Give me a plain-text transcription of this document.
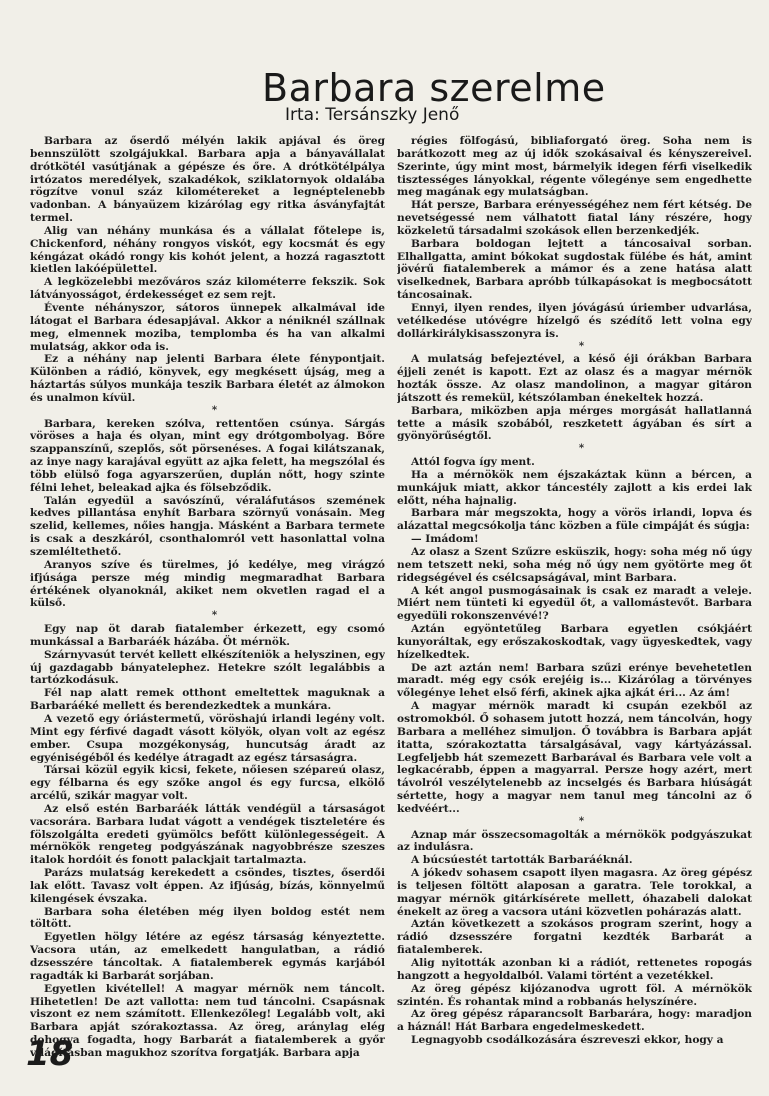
Barbara szerelme
Irta: Tersánszky Jenő

Barbara az őserdő mélyén lakik apjával és öreg bennszülött szolgájukkal. Barbara apja a bányavállalat drótkötél vasútjának a gépésze és őre. A drótkötélpálya irtózatos meredélyek, szakadékok, sziklatornyok oldalába rögzítve vonul száz kilométereket a legnéptelenebb vadonban. A bányaüzem kizárólag egy ritka ásványfajtát termel.

Alig van néhány munkása és a vállalat főtelepe is, Chickenford, néhány rongyos viskót, egy kocsmát és egy kéngázat okádó rongy kis kohót jelent, a hozzá ragasztott kietlen lakóépülettel.

A legközelebbi mezőváros száz kilométerre fekszik. Sok látványosságot, érdekességet ez sem rejt.

Évente néhányszor, sátoros ünnepek alkalmával ide látogat el Barbara édesapjával. Akkor a néniknél szállnak meg, elmennek moziba, templomba és ha van alkalmi mulatság, akkor oda is.

Ez a néhány nap jelenti Barbara élete fénypontjait. Különben a rádió, könyvek, egy megkésett újság, meg a háztartás súlyos munkája teszik Barbara életét az álmokon és unalmon kívül.

*

Barbara, kereken szólva, rettentően csúnya. Sárgás vöröses a haja és olyan, mint egy drótgombolyag. Bőre szappanszínű, szeplős, sőt pörsenéses. A fogai kilátszanak, az inye nagy karajával együtt az ajka felett, ha megszólal és több elülső foga agyarszerűen, duplán nőtt, hogy szinte félni lehet, beleakad ajka és fölsebződik.

Talán egyedül a savószínű, véraláfutásos szemének kedves pillantása enyhít Barbara szörnyű vonásain. Meg szelid, kellemes, nőies hangja. Másként a Barbara termete is csak a deszkáról, csonthalomról vett hasonlattal volna szemléltethető.

Aranyos szíve és türelmes, jó kedélye, meg virágzó ifjúsága persze még mindig megmaradhat Barbara értékének olyanoknál, akiket nem okvetlen ragad el a külső.

*

Egy nap öt darab fiatalember érkezett, egy csomó munkással a Barbaráék házába. Öt mérnök.

Szárnyvasút tervét kellett elkészíteniök a helyszinen, egy új gazdagabb bányatelephez. Hetekre szólt legalábbis a tartózkodásuk.

Fél nap alatt remek otthont emeltettek maguknak a Barbaráéké mellett és berendezkedtek a munkára.

A vezető egy óriástermetű, vöröshajú irlandi legény volt. Mint egy férfivé dagadt vásott kölyök, olyan volt az egész ember. Csupa mozgékonyság, huncutság áradt az egyéniségéből és kedélye átragadt az egész társaságra.

Társai közül egyik kicsi, fekete, nőiesen szépareú olasz, egy félbarna és egy szőke angol és egy furcsa, elkölő arcélű, szikár magyar volt.

Az első estén Barbaráék látták vendégül a társaságot vacsorára. Barbara ludat vágott a vendégek tiszteletére és fölszolgálta eredeti gyümölcs befőtt különlegességeit. A mérnökök rengeteg podgyászának nagyobbrésze szeszes italok hordóit és fonott palackjait tartalmazta.

Parázs mulatság kerekedett a csöndes, tisztes, őserdői lak előtt. Tavasz volt éppen. Az ifjúság, bízás, könnyelmű kilengések évszaka.

Barbara soha életében még ilyen boldog estét nem töltött.

Egyetlen hölgy létére az egész társaság kényeztette. Vacsora után, az emelkedett hangulatban, a rádió dzsesszére táncoltak. A fiatalemberek egymás karjából ragadták ki Barbarát sorjában.

Egyetlen kivétellel! A magyar mérnök nem táncolt. Hihetetlen! De azt vallotta: nem tud táncolni. Csapásnak viszont ez nem számított. Ellenkezőleg! Legalább volt, aki Barbara apját szórakoztassa. Az öreg, aránylag elég dohogva fogadta, hogy Barbarát a fiatalemberek a győr világításban magukhoz szorítva forgatják. Barbara apja

régies fölfogású, bibliaforgató öreg. Soha nem is barátkozott meg az új idők szokásaival és kényszereivel. Szerinte, úgy mint most, bármelyik idegen férfi viselkedik tisztességes lányokkal, régente vőlegénye sem engedhette meg magának egy mulatságban.

Hát persze, Barbara erényességéhez nem fért kétség. De nevetségessé nem válhatott fiatal lány részére, hogy közkeletű társadalmi szokások ellen berzenkedjék.

Barbara boldogan lejtett a táncosaival sorban. Elhallgatta, amint bókokat sugdostak fülébe és hát, amint jövérű fiatalemberek a mámor és a zene hatása alatt viselkednek, Barbara apróbb túlkapásokat is megbocsátott táncosainak.

Ennyi, ilyen rendes, ilyen jóvágású úriember udvarlása, vetélkedése utóvégre hízelgő és szédítő lett volna egy dollárkirálykisasszonyra is.

*

A mulatság befejeztével, a késő éji órákban Barbara éjjeli zenét is kapott. Ezt az olasz és a magyar mérnök hozták össze. Az olasz mandolinon, a magyar gitáron játszott és remekül, kétszólamban énekeltek hozzá.

Barbara, miközben apja mérges morgását hallatlanná tette a másik szobából, reszketett ágyában és sírt a gyönyörűségtől.

*

Attól fogva így ment.

Ha a mérnökök nem éjszakáztak künn a bércen, a munkájuk miatt, akkor táncestély zajlott a kis erdei lak előtt, néha hajnalig.

Barbara már megszokta, hogy a vörös irlandi, lopva és alázattal megcsókolja tánc közben a füle cimpáját és súgja:

— Imádom!

Az olasz a Szent Szűzre esküszik, hogy: soha még nő úgy nem tetszett neki, soha még nő úgy nem gyötörte meg őt ridegségével és csélcsapságával, mint Barbara.

A két angol pusmogásainak is csak ez maradt a veleje. Miért nem tünteti ki egyedül őt, a vallomástevőt. Barbara egyedüli rokonszenvévé!?

Aztán egyöntetűleg Barbara egyetlen csókjáért kunyoráltak, egy erőszakoskodtak, vagy ügyeskedtek, vagy hízelkedtek.

De azt aztán nem! Barbara szűzi erénye bevehetetlen maradt. még egy csók erejéig is... Kizárólag a törvényes vőlegénye lehet első férfi, akinek ajka ajkát éri... Az ám!

A magyar mérnök maradt ki csupán ezekből az ostromokból. Ő sohasem jutott hozzá, nem táncolván, hogy Barbara a melléhez simuljon. Ő továbbra is Barbara apját itatta, szórakoztatta társalgásával, vagy kártyázással. Legfeljebb hát szemezett Barbarával és Barbara vele volt a legkacérabb, éppen a magyarral. Persze hogy azért, mert távolról veszélytelenebb az incselgés és Barbara hiúságát sértette, hogy a magyar nem tanul meg táncolni az ő kedvéért...

*

Aznap már összecsomagolták a mérnökök podgyászukat az indulásra.

A búcsúestét tartották Barbaráéknál.

A jókedv sohasem csapott ilyen magasra. Az öreg gépész is teljesen föltött alaposan a garatra. Tele torokkal, a magyar mérnök gitárkísérete mellett, óhazabeli dalokat énekelt az öreg a vacsora utáni közvetlen pohárazás alatt.

Aztán következett a szokásos program szerint, hogy a rádió dzsesszére forgatni kezdték Barbarát a fiatalemberek.

Alig nyitották azonban ki a rádiót, rettenetes ropogás hangzott a hegyoldalból. Valami történt a vezetékkel.

Az öreg gépész kijózanodva ugrott föl. A mérnökök szintén. És rohantak mind a robbanás helyszínére.

Az öreg gépész ráparancsolt Barbarára, hogy: maradjon a háznál! Hát Barbara engedelmeskedett.

Legnagyobb csodálkozására észreveszi ekkor, hogy a

18
